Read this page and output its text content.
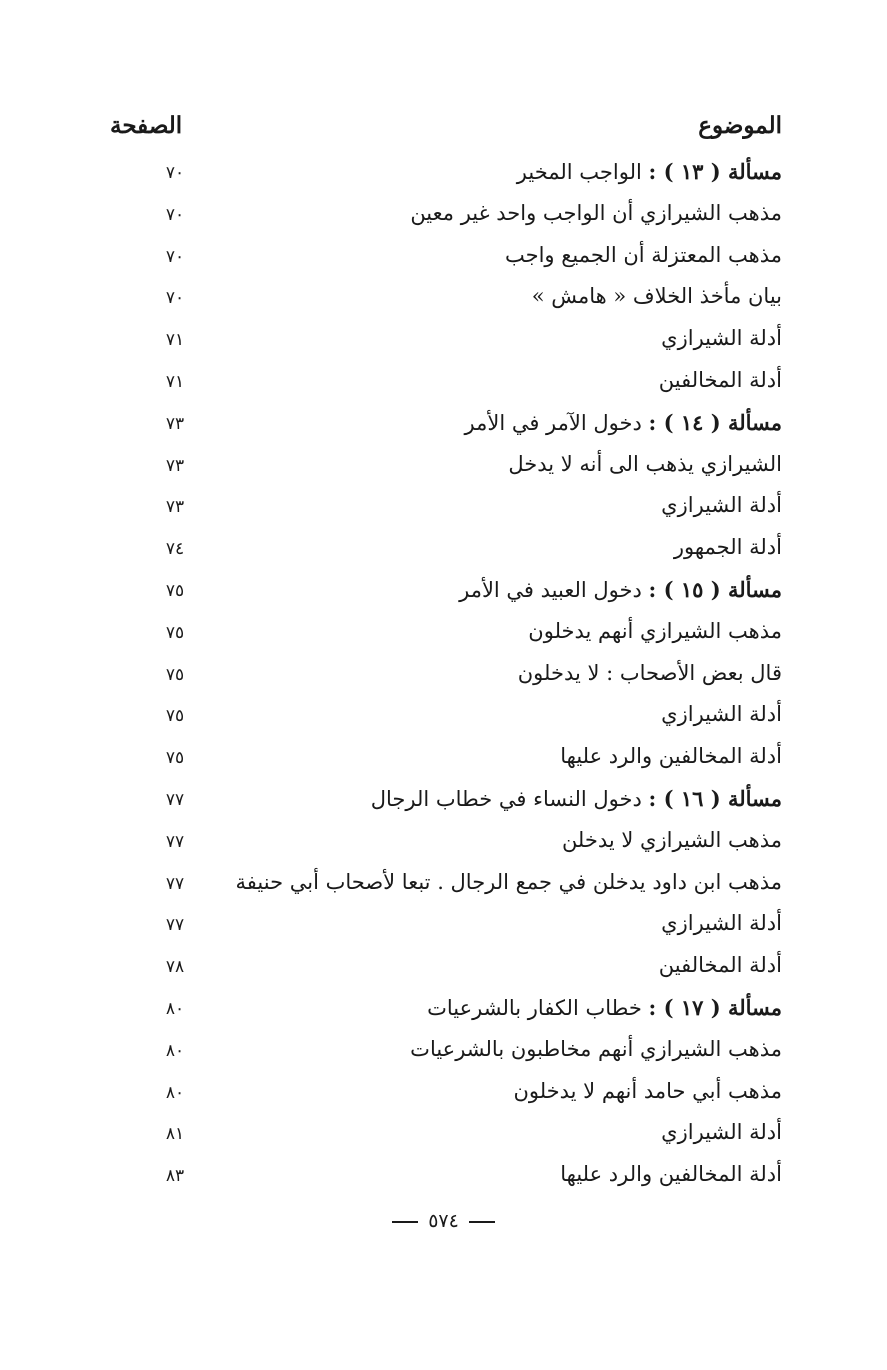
الموضوع
الصفحة
مسألة ( ١٣ ) : الواجب المخير
٧٠
مذهب الشيرازي أن الواجب واحد غير معين
٧٠
مذهب المعتزلة أن الجميع واجب
٧٠
بيان مأخذ الخلاف « هامش »
٧٠
أدلة الشيرازي
٧١
أدلة المخالفين
٧١
مسألة ( ١٤ ) : دخول الآمر في الأمر
٧٣
الشيرازي يذهب الى أنه لا يدخل
٧٣
أدلة الشيرازي
٧٣
أدلة الجمهور
٧٤
مسألة ( ١٥ ) : دخول العبيد في الأمر
٧٥
مذهب الشيرازي أنهم يدخلون
٧٥
قال بعض الأصحاب : لا يدخلون
٧٥
أدلة الشيرازي
٧٥
أدلة المخالفين والرد عليها
٧٥
مسألة ( ١٦ ) : دخول النساء في خطاب الرجال
٧٧
مذهب الشيرازي لا يدخلن
٧٧
مذهب ابن داود يدخلن في جمع الرجال . تبعا لأصحاب أبي حنيفة
٧٧
أدلة الشيرازي
٧٧
أدلة المخالفين
٧٨
مسألة ( ١٧ ) : خطاب الكفار بالشرعيات
٨٠
مذهب الشيرازي أنهم مخاطبون بالشرعيات
٨٠
مذهب أبي حامد أنهم لا يدخلون
٨٠
أدلة الشيرازي
٨١
أدلة المخالفين والرد عليها
٨٣
٥٧٤
